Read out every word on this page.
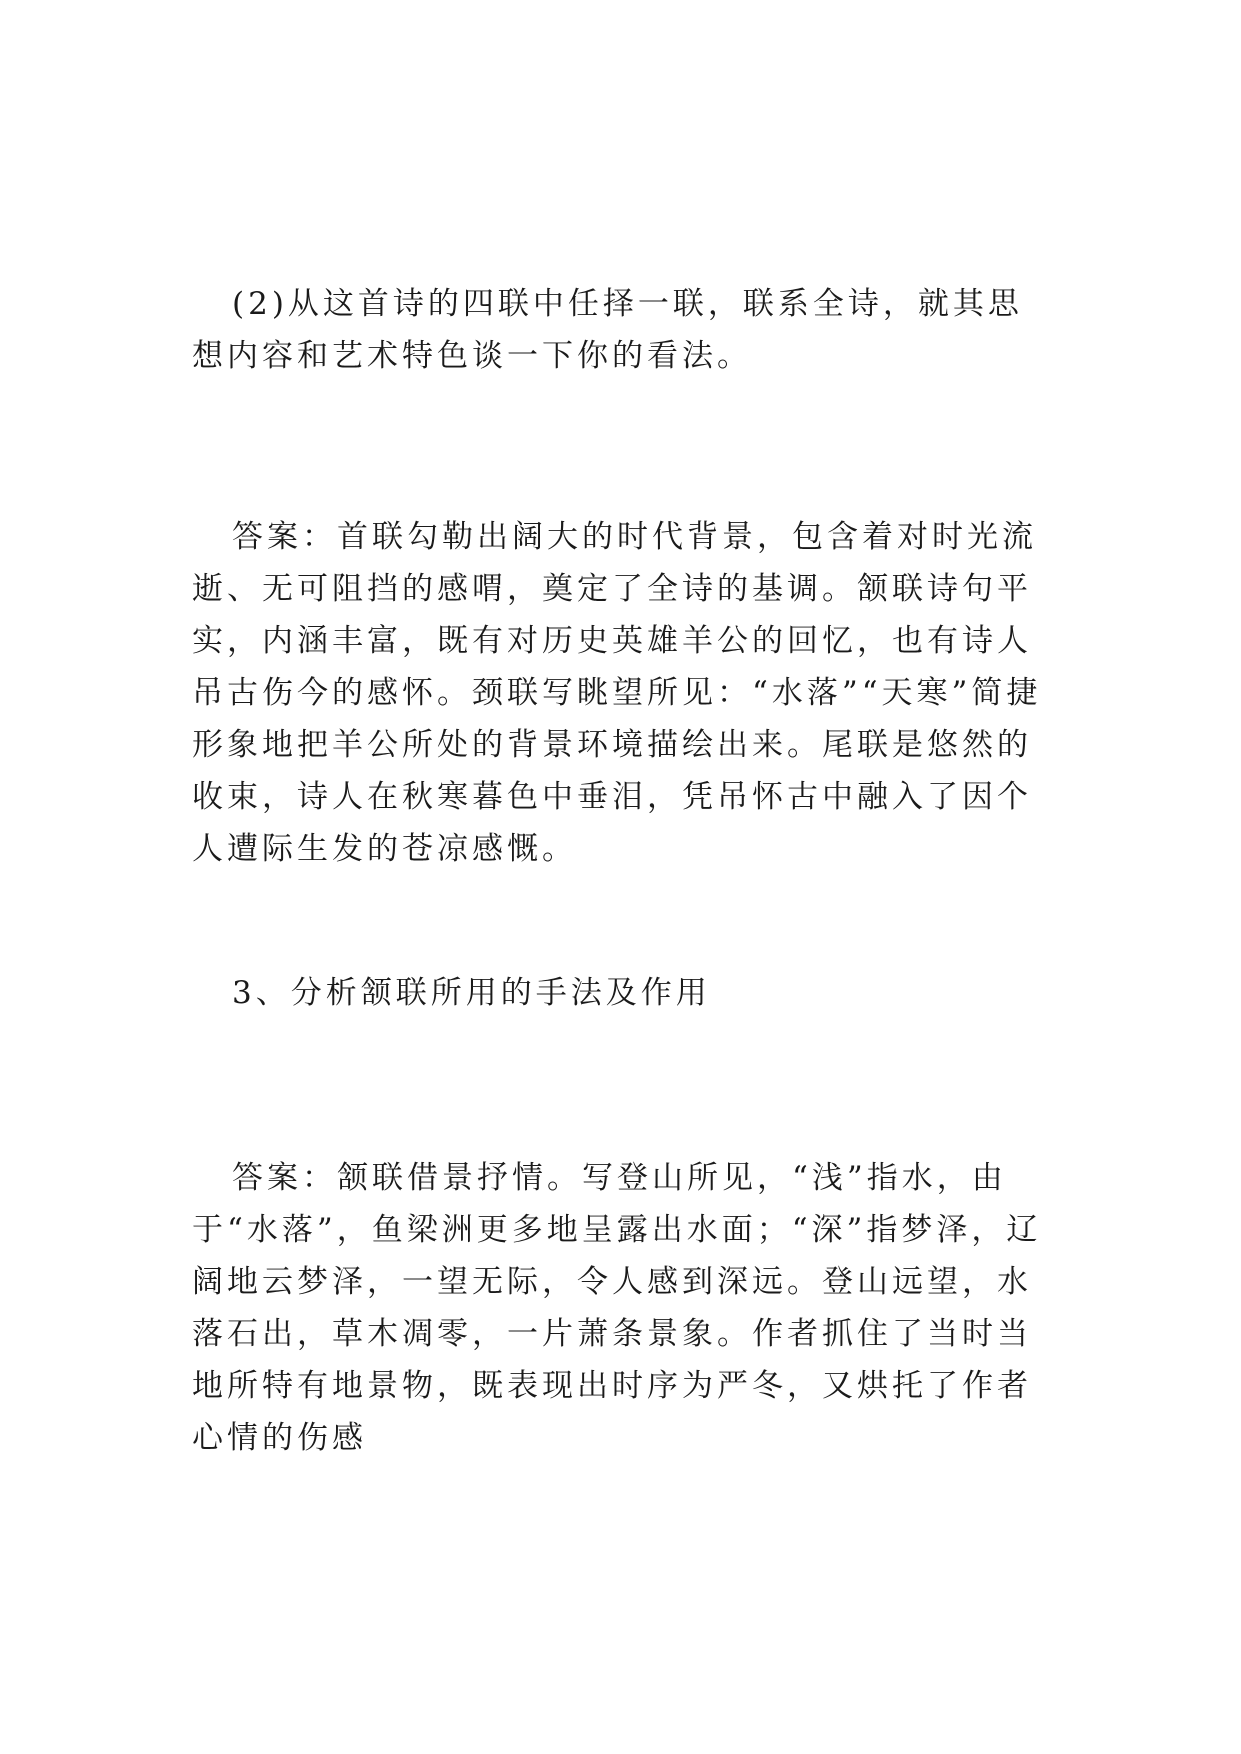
(2)从这首诗的四联中任择一联，联系全诗，就其思想内容和艺术特色谈一下你的看法。

答案：首联勾勒出阔大的时代背景，包含着对时光流逝、无可阻挡的感喟，奠定了全诗的基调。颔联诗句平实，内涵丰富，既有对历史英雄羊公的回忆，也有诗人吊古伤今的感怀。颈联写眺望所见：“水落”“天寒”简捷形象地把羊公所处的背景环境描绘出来。尾联是悠然的收束，诗人在秋寒暮色中垂泪，凭吊怀古中融入了因个人遭际生发的苍凉感慨。

3、分析颔联所用的手法及作用

答案：颔联借景抒情。写登山所见，“浅”指水，由于“水落”，鱼梁洲更多地呈露出水面；“深”指梦泽，辽阔地云梦泽，一望无际，令人感到深远。登山远望，水落石出，草木凋零，一片萧条景象。作者抓住了当时当地所特有地景物，既表现出时序为严冬，又烘托了作者心情的伤感
